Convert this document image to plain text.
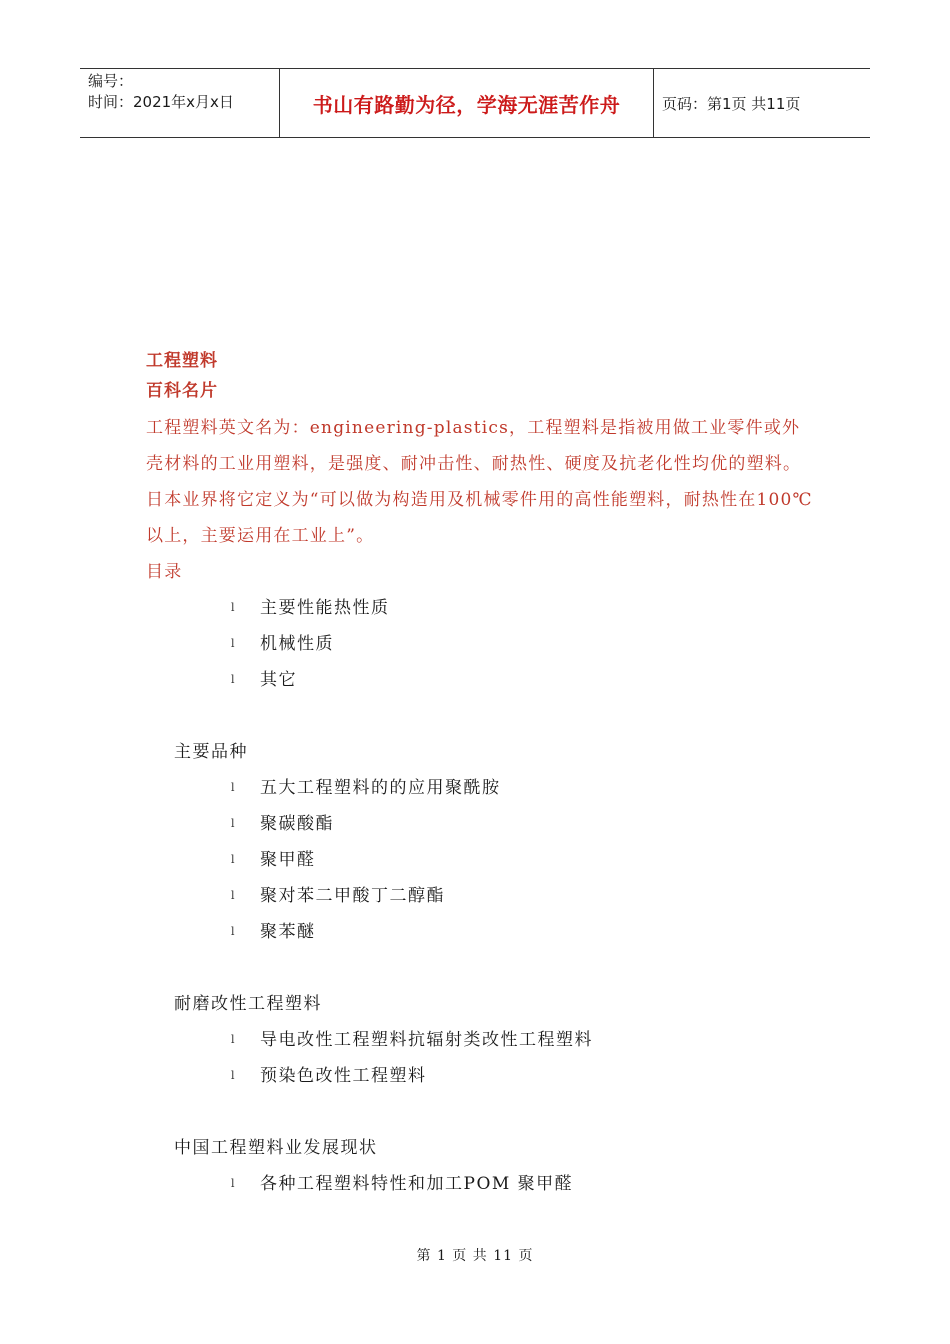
编号：
时间：2021年x月x日	书山有路勤为径，学海无涯苦作舟	页码：第1页 共11页
工程塑料
百科名片
工程塑料英文名为：engineering-plastics，工程塑料是指被用做工业零件或外壳材料的工业用塑料，是强度、耐冲击性、耐热性、硬度及抗老化性均优的塑料。日本业界将它定义为“可以做为构造用及机械零件用的高性能塑料，耐热性在100℃ 以上，主要运用在工业上”。
目录
l 主要性能热性质
l 机械性质
l 其它
主要品种
l 五大工程塑料的的应用聚酰胺
l 聚碳酸酯
l 聚甲醛
l 聚对苯二甲酸丁二醇酯
l 聚苯醚
耐磨改性工程塑料
l 导电改性工程塑料抗辐射类改性工程塑料
l 预染色改性工程塑料
中国工程塑料业发展现状
l 各种工程塑料特性和加工POM 聚甲醛
第 1 页 共 11 页
